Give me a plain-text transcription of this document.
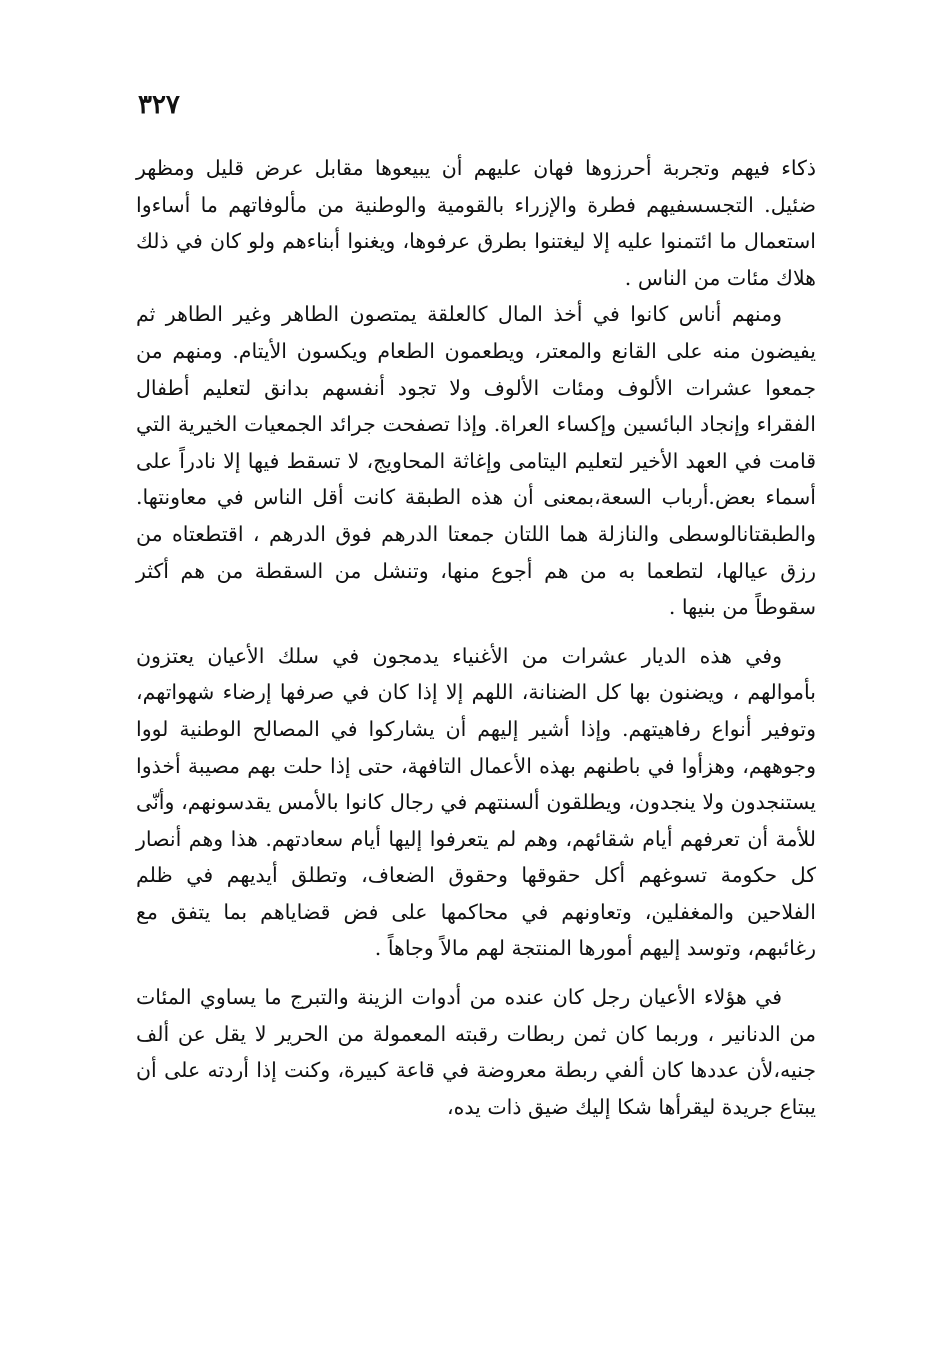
٣٢٧

ذكاء فيهم وتجربة أحرزوها فهان عليهم أن يبيعوها مقابل عرض قليل ومظهر ضئيل. التجسسفيهم فطرة والإزراء بالقومية والوطنية من مألوفاتهم ما أساءوا استعمال ما ائتمنوا عليه إلا ليغتنوا بطرق عرفوها، ويغنوا أبناءهم ولو كان في ذلك هلاك مئات من الناس .

ومنهم أناس كانوا في أخذ المال كالعلقة يمتصون الطاهر وغير الطاهر ثم يفيضون منه على القانع والمعتر، ويطعمون الطعام ويكسون الأيتام. ومنهم من جمعوا عشرات الألوف ومئات الألوف ولا تجود أنفسهم بدانق لتعليم أطفال الفقراء وإنجاد البائسين وإكساء العراة. وإذا تصفحت جرائد الجمعيات الخيرية التي قامت في العهد الأخير لتعليم اليتامى وإغاثة المحاويج، لا تسقط فيها إلا نادراً على أسماء بعض.أرباب السعة،بمعنى أن هذه الطبقة كانت أقل الناس في معاونتها. والطبقتانالوسطى والنازلة هما اللتان جمعتا الدرهم فوق الدرهم ، اقتطعتاه من رزق عيالها، لتطعما به من هم أجوع منها، وتنشل من السقطة من هم أكثر سقوطاً من بنيها .

وفي هذه الديار عشرات من الأغنياء يدمجون في سلك الأعيان يعتزون بأموالهم ، ويضنون بها كل الضنانة، اللهم إلا إذا كان في صرفها إرضاء شهواتهم، وتوفير أنواع رفاهيتهم. وإذا أشير إليهم أن يشاركوا في المصالح الوطنية لووا وجوههم، وهزأوا في باطنهم بهذه الأعمال التافهة، حتى إذا حلت بهم مصيبة أخذوا يستنجدون ولا ينجدون، ويطلقون ألسنتهم في رجال كانوا بالأمس يقدسونهم، وأنّى للأمة أن تعرفهم أيام شقائهم، وهم لم يتعرفوا إليها أيام سعادتهم. هذا وهم أنصار كل حكومة تسوغهم أكل حقوقها وحقوق الضعاف، وتطلق أيديهم في ظلم الفلاحين والمغفلين، وتعاونهم في محاكمها على فض قضاياهم بما يتفق مع رغائبهم، وتوسد إليهم أمورها المنتجة لهم مالاً وجاهاً .

في هؤلاء الأعيان رجل كان عنده من أدوات الزينة والتبرج ما يساوي المئات من الدنانير ، وربما كان ثمن ربطات رقبته المعمولة من الحرير لا يقل عن ألف جنيه،لأن عددها كان ألفي ربطة معروضة في قاعة كبيرة، وكنت إذا أردته على أن يبتاع جريدة ليقرأها شكا إليك ضيق ذات يده،
